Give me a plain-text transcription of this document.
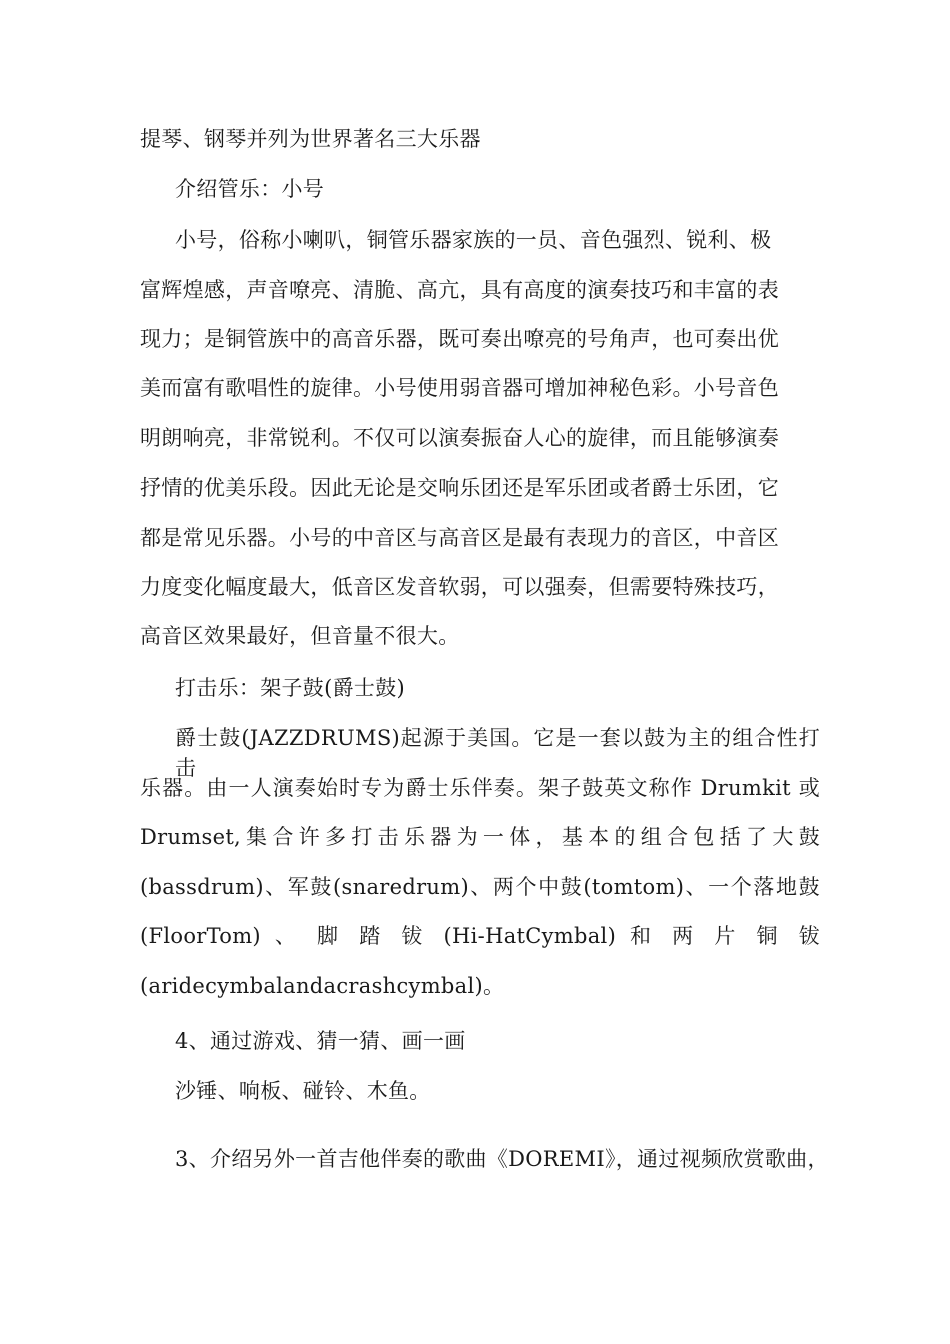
提琴、钢琴并列为世界著名三大乐器
介绍管乐：小号
小号，俗称小喇叭，铜管乐器家族的一员、音色强烈、锐利、极
富辉煌感，声音嘹亮、清脆、高亢，具有高度的演奏技巧和丰富的表
现力；是铜管族中的高音乐器，既可奏出嘹亮的号角声，也可奏出优
美而富有歌唱性的旋律。小号使用弱音器可增加神秘色彩。小号音色
明朗响亮，非常锐利。不仅可以演奏振奋人心的旋律，而且能够演奏
抒情的优美乐段。因此无论是交响乐团还是军乐团或者爵士乐团，它
都是常见乐器。小号的中音区与高音区是最有表现力的音区，中音区
力度变化幅度最大，低音区发音软弱，可以强奏，但需要特殊技巧，
高音区效果最好，但音量不很大。
打击乐：架子鼓(爵士鼓)
爵士鼓(JAZZDRUMS)起源于美国。它是一套以鼓为主的组合性打击
乐器。由一人演奏始时专为爵士乐伴奏。架子鼓英文称作 Drumkit 或
Drumset,集合许多打击乐器为一体，基本的组合包括了大鼓
(bassdrum)、军鼓(snaredrum)、两个中鼓(tomtom)、一个落地鼓
(FloorTom) 、 脚 踏 钹 (Hi-HatCymbal) 和 两 片 铜 钹
(aridecymbalandacrashcymbal)。
4、通过游戏、猜一猜、画一画
沙锤、响板、碰铃、木鱼。
3、介绍另外一首吉他伴奏的歌曲《DOREMI》，通过视频欣赏歌曲，
